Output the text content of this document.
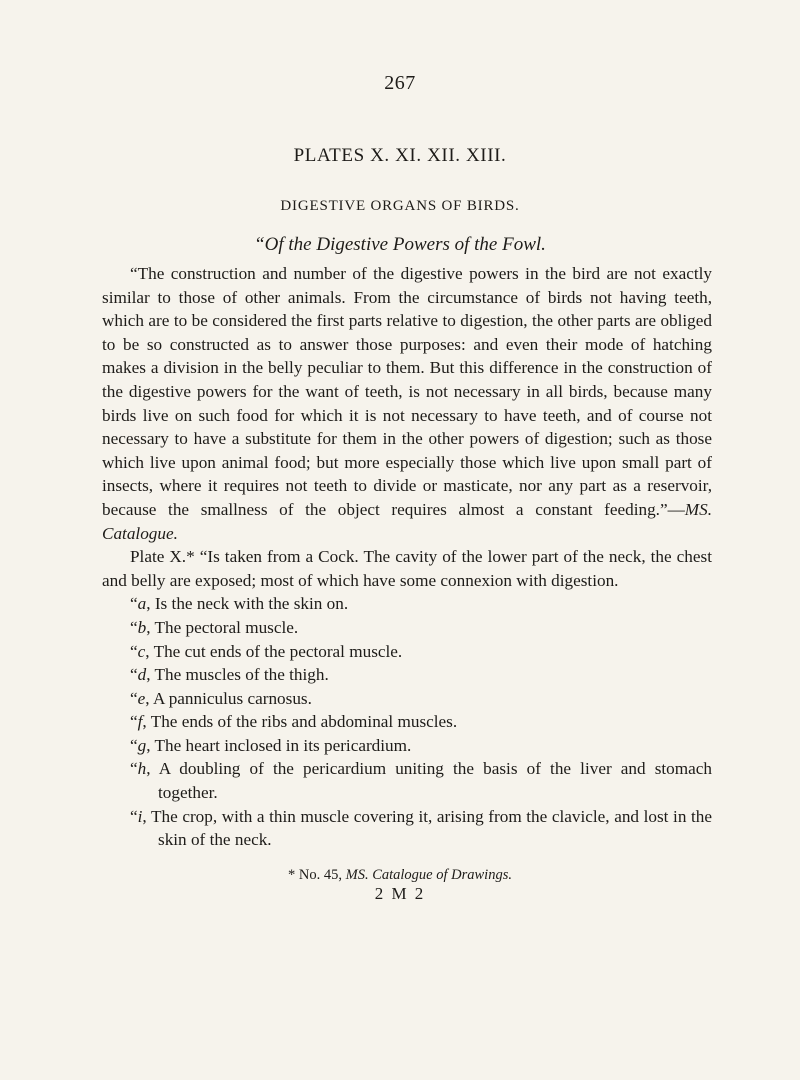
267
PLATES X. XI. XII. XIII.
DIGESTIVE ORGANS OF BIRDS.
“Of the Digestive Powers of the Fowl.

“The construction and number of the digestive powers in the bird are not exactly similar to those of other animals. From the circumstance of birds not having teeth, which are to be considered the first parts relative to digestion, the other parts are obliged to be so constructed as to answer those purposes: and even their mode of hatching makes a division in the belly peculiar to them. But this difference in the construction of the digestive powers for the want of teeth, is not necessary in all birds, because many birds live on such food for which it is not necessary to have teeth, and of course not necessary to have a substitute for them in the other powers of digestion; such as those which live upon animal food; but more especially those which live upon small part of insects, where it requires not teeth to divide or masticate, nor any part as a reservoir, because the smallness of the object requires almost a constant feeding.”—MS. Catalogue.

Plate X.* “Is taken from a Cock. The cavity of the lower part of the neck, the chest and belly are exposed; most of which have some connexion with digestion.

“a, Is the neck with the skin on.

“b, The pectoral muscle.

“c, The cut ends of the pectoral muscle.

“d, The muscles of the thigh.

“e, A panniculus carnosus.

“f, The ends of the ribs and abdominal muscles.

“g, The heart inclosed in its pericardium.

“h, A doubling of the pericardium uniting the basis of the liver and stomach together.

“i, The crop, with a thin muscle covering it, arising from the clavicle, and lost in the skin of the neck.

* No. 45, MS. Catalogue of Drawings.
2 M 2
